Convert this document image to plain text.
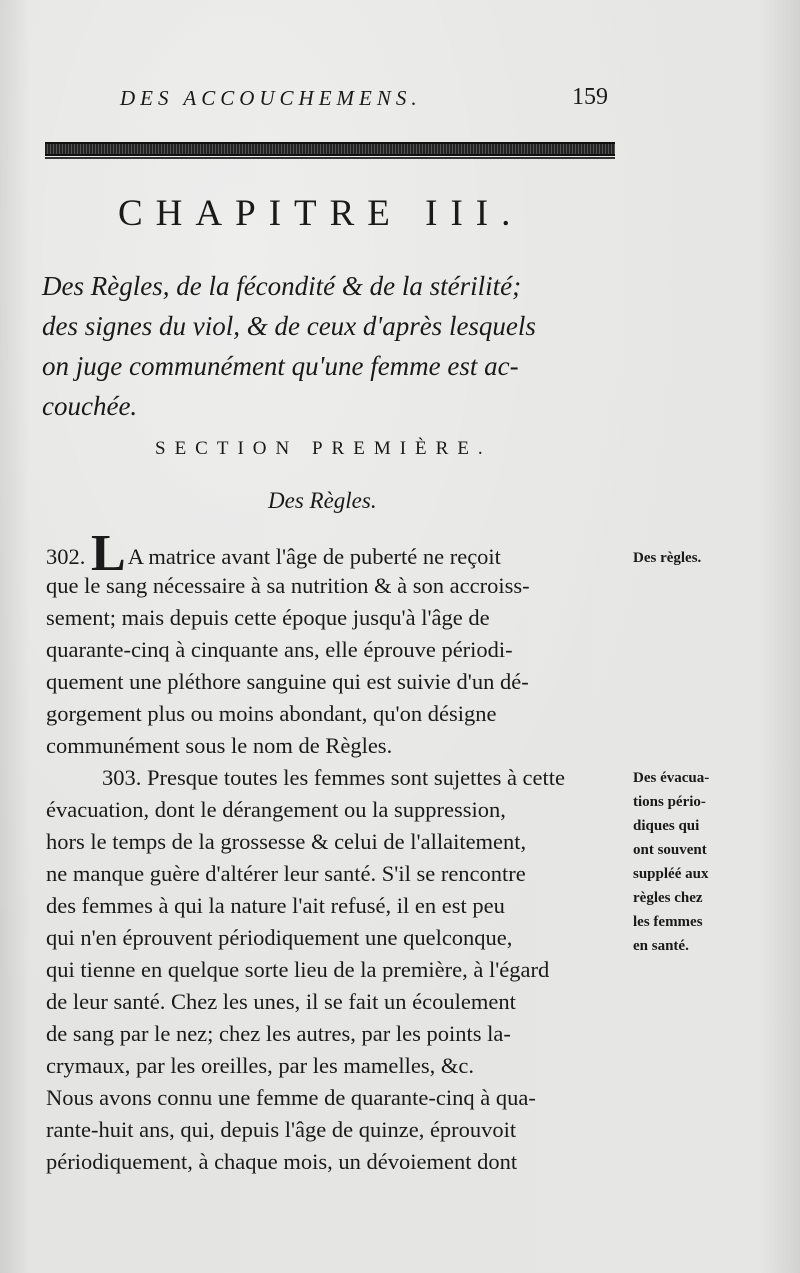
DES ACCOUCHEMENS.	159
CHAPITRE III.
Des Règles, de la fécondité & de la stérilité;
des signes du viol, & de ceux d'après lesquels
on juge communément qu'une femme est ac-
couchée.
SECTION PREMIÈRE.
Des Règles.
302. LA matrice avant l'âge de puberté ne reçoit
que le sang nécessaire à sa nutrition & à son accroiss-
sement; mais depuis cette époque jusqu'à l'âge de
quarante-cinq à cinquante ans, elle éprouve périodi-
quement une pléthore sanguine qui est suivie d'un dé-
gorgement plus ou moins abondant, qu'on désigne
communément sous le nom de Règles.
303. Presque toutes les femmes sont sujettes à cette
évacuation, dont le dérangement ou la suppression,
hors le temps de la grossesse & celui de l'allaitement,
ne manque guère d'altérer leur santé. S'il se rencontre
des femmes à qui la nature l'ait refusé, il en est peu
qui n'en éprouvent périodiquement une quelconque,
qui tienne en quelque sorte lieu de la première, à l'égard
de leur santé. Chez les unes, il se fait un écoulement
de sang par le nez; chez les autres, par les points la-
crymaux, par les oreilles, par les mamelles, &c.
Nous avons connu une femme de quarante-cinq à qua-
rante-huit ans, qui, depuis l'âge de quinze, éprouvoit
périodiquement, à chaque mois, un dévoiement dont
Des règles.
Des évacua-
tions pério-
diques qui
ont souvent
suppléé aux
règles chez
les femmes
en santé.
